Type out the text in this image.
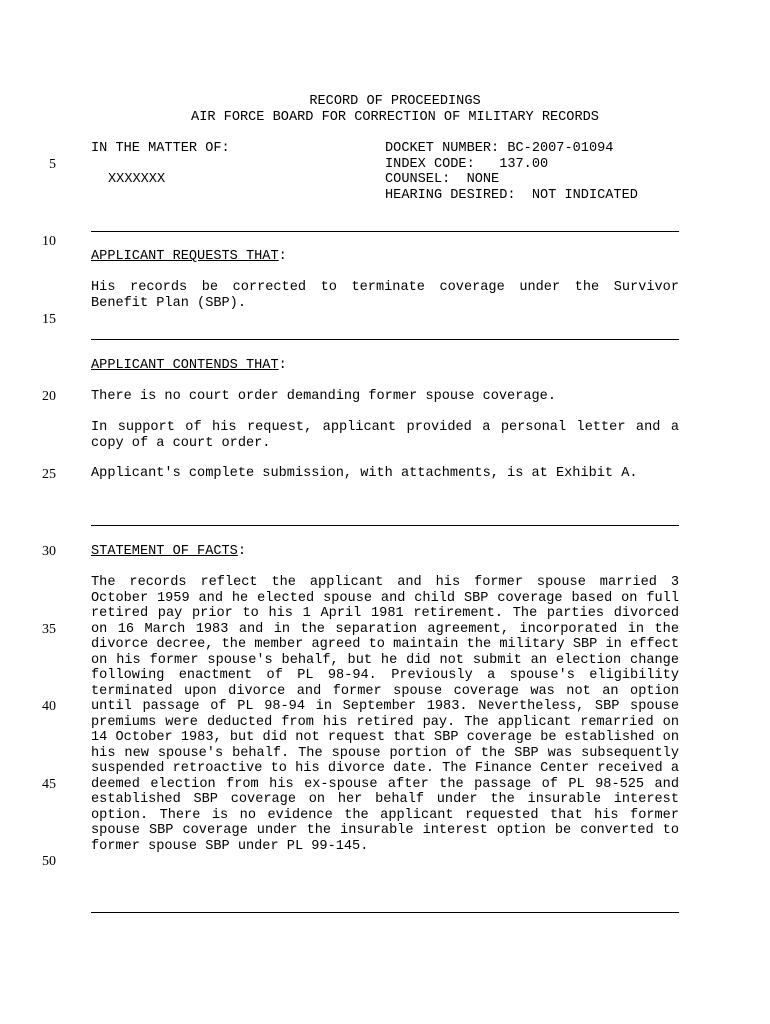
RECORD OF PROCEEDINGS
AIR FORCE BOARD FOR CORRECTION OF MILITARY RECORDS
IN THE MATTER OF:
XXXXXXX
DOCKET NUMBER: BC-2007-01094
INDEX CODE:   137.00
COUNSEL:  NONE
HEARING DESIRED:  NOT INDICATED
5
10
15
20
25
30
35
40
45
50
APPLICANT REQUESTS THAT:
His records be corrected to terminate coverage under the Survivor Benefit Plan (SBP).
APPLICANT CONTENDS THAT:
There is no court order demanding former spouse coverage.
In support of his request, applicant provided a personal letter and a copy of a court order.
Applicant's complete submission, with attachments, is at Exhibit A.
STATEMENT OF FACTS:
The records reflect the applicant and his former spouse married 3 October 1959 and he elected spouse and child SBP coverage based on full retired pay prior to his 1 April 1981 retirement. The parties divorced on 16 March 1983 and in the separation agreement, incorporated in the divorce decree, the member agreed to maintain the military SBP in effect on his former spouse's behalf, but he did not submit an election change following enactment of PL 98-94. Previously a spouse's eligibility terminated upon divorce and former spouse coverage was not an option until passage of PL 98-94 in September 1983. Nevertheless, SBP spouse premiums were deducted from his retired pay. The applicant remarried on 14 October 1983, but did not request that SBP coverage be established on his new spouse's behalf. The spouse portion of the SBP was subsequently suspended retroactive to his divorce date. The Finance Center received a deemed election from his ex-spouse after the passage of PL 98-525 and established SBP coverage on her behalf under the insurable interest option. There is no evidence the applicant requested that his former spouse SBP coverage under the insurable interest option be converted to former spouse SBP under PL 99-145.
